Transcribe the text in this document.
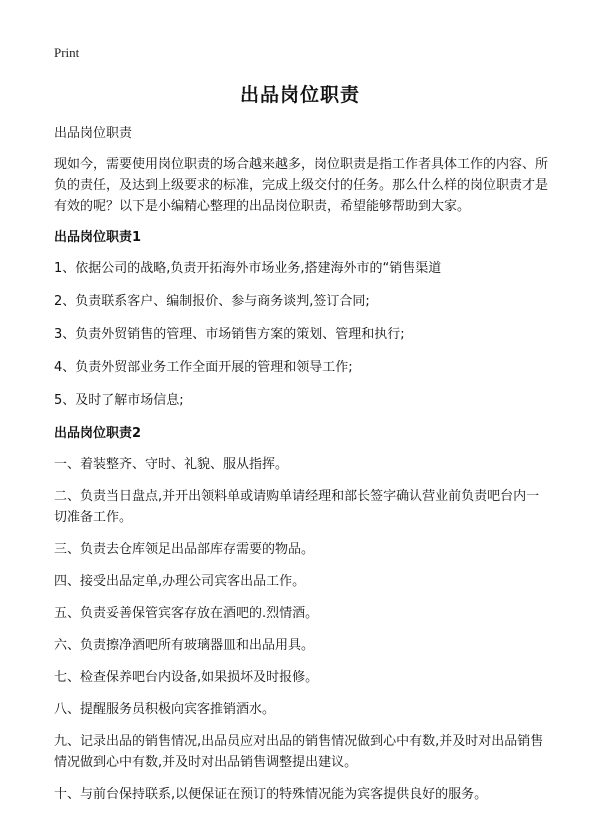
Print
出品岗位职责

出品岗位职责

现如今，需要使用岗位职责的场合越来越多，岗位职责是指工作者具体工作的内容、所负的责任，及达到上级要求的标准，完成上级交付的任务。那么什么样的岗位职责才是有效的呢？以下是小编精心整理的出品岗位职责，希望能够帮助到大家。

出品岗位职责1

1、依据公司的战略,负责开拓海外市场业务,搭建海外市的“销售渠道

2、负责联系客户、编制报价、参与商务谈判,签订合同;

3、负责外贸销售的管理、市场销售方案的策划、管理和执行;

4、负责外贸部业务工作全面开展的管理和领导工作;

5、及时了解市场信息;

出品岗位职责2

一、着装整齐、守时、礼貌、服从指挥。

二、负责当日盘点,并开出领料单或请购单请经理和部长签字确认营业前负责吧台内一切准备工作。

三、负责去仓库领足出品部库存需要的物品。

四、接受出品定单,办理公司宾客出品工作。

五、负责妥善保管宾客存放在酒吧的.烈情酒。

六、负责擦净酒吧所有玻璃器皿和出品用具。

七、检查保养吧台内设备,如果损坏及时报修。

八、提醒服务员积极向宾客推销酒水。

九、记录出品的销售情况,出品员应对出品的销售情况做到心中有数,并及时对出品销售情况做到心中有数,并及时对出品销售调整提出建议。

十、与前台保持联系,以便保证在预订的特殊情况能为宾客提供良好的服务。
